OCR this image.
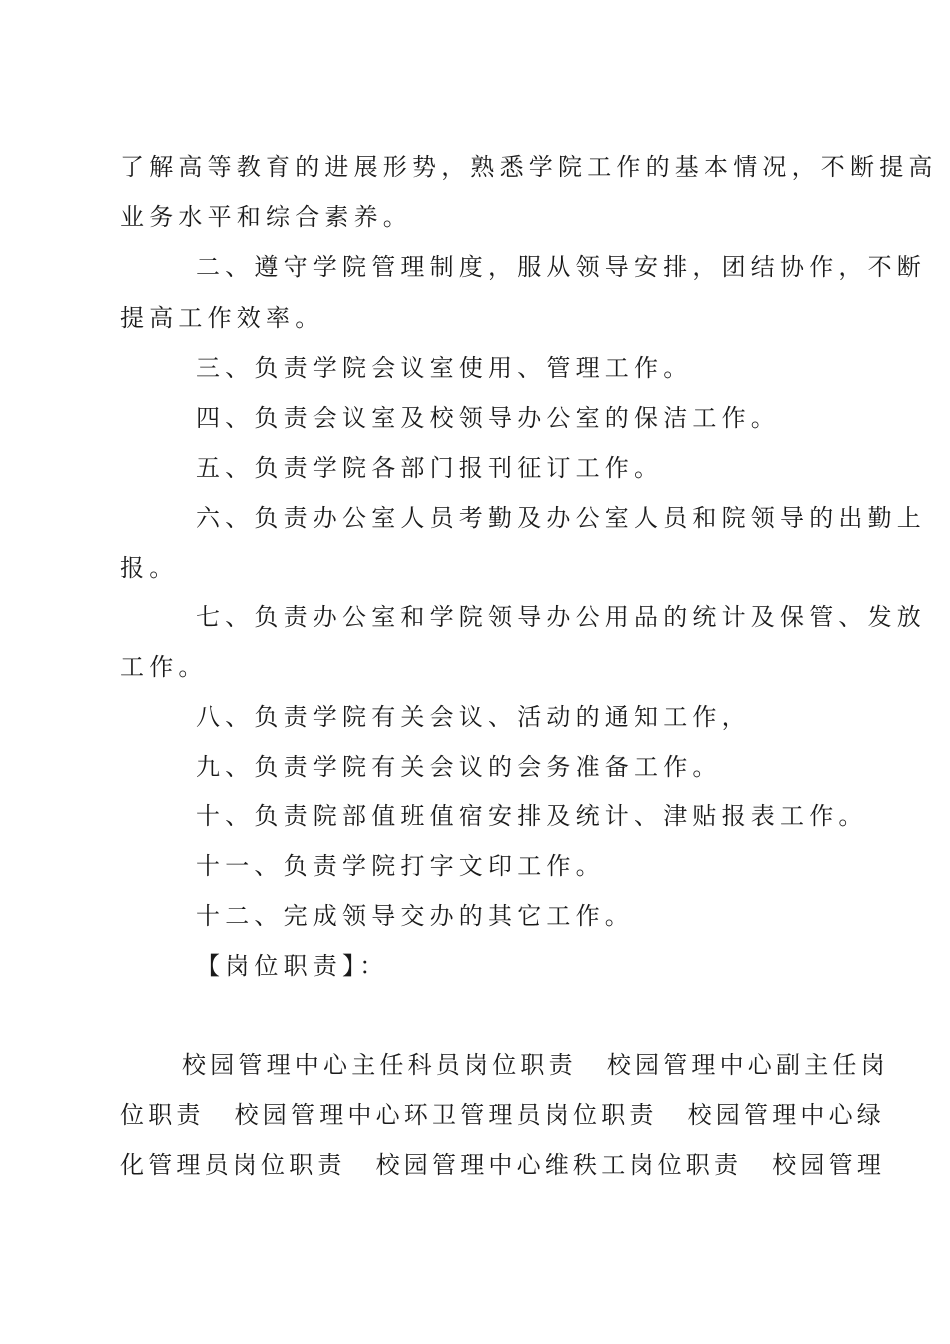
了解高等教育的进展形势，熟悉学院工作的基本情况，不断提高
业务水平和综合素养。
二、遵守学院管理制度，服从领导安排，团结协作，不断
提高工作效率。
三、负责学院会议室使用、管理工作。
四、负责会议室及校领导办公室的保洁工作。
五、负责学院各部门报刊征订工作。
六、负责办公室人员考勤及办公室人员和院领导的出勤上
报。
七、负责办公室和学院领导办公用品的统计及保管、发放
工作。
八、负责学院有关会议、活动的通知工作，
九、负责学院有关会议的会务准备工作。
十、负责院部值班值宿安排及统计、津贴报表工作。
十一、负责学院打字文印工作。
十二、完成领导交办的其它工作。
【岗位职责】：
校园管理中心主任科员岗位职责 校园管理中心副主任岗
位职责 校园管理中心环卫管理员岗位职责 校园管理中心绿
化管理员岗位职责 校园管理中心维秩工岗位职责 校园管理
